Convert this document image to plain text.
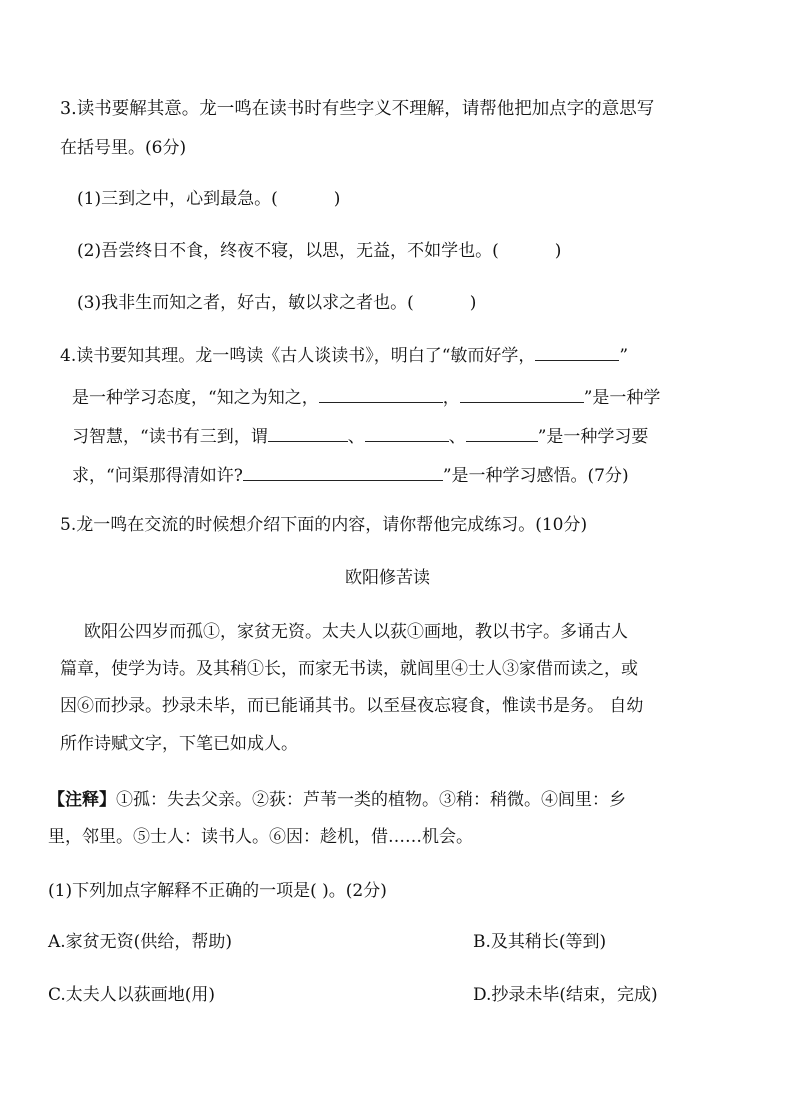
3.读书要解其意。龙一鸣在读书时有些字义不理解，请帮他把加点字的意思写
在括号里。(6分)
(1)三到之中，心到最急。(	)
(2)吾尝终日不食，终夜不寝，以思，无益，不如学也。(	)
(3)我非生而知之者，好古，敏以求之者也。(	)
4.读书要知其理。龙一鸣读《古人谈读书》，明白了“敏而好学，	”
是一种学习态度，“知之为知之，	，	”是一种学
习智慧，“读书有三到，谓	、	、	”是一种学习要
求，“问渠那得清如许?	”是一种学习感悟。(7分)
5.龙一鸣在交流的时候想介绍下面的内容，请你帮他完成练习。(10分)
欧阳修苦读
欧阳公四岁而孤①，家贫无资。太夫人以荻①画地，教以书字。多诵古人
篇章，使学为诗。及其稍①长，而家无书读，就闾里④士人③家借而读之，或
因⑥而抄录。抄录未毕，而已能诵其书。以至昼夜忘寝食，惟读书是务。 自幼
所作诗赋文字，下笔已如成人。
【注释】①孤：失去父亲。②荻：芦苇一类的植物。③稍：稍微。④闾里：乡
里，邻里。⑤士人：读书人。⑥因：趁机，借……机会。
(1)下列加点字解释不正确的一项是( )。(2分)
A.家贫无资(供给，帮助)	B.及其稍长(等到)
C.太夫人以荻画地(用)	D.抄录未毕(结束，完成)
